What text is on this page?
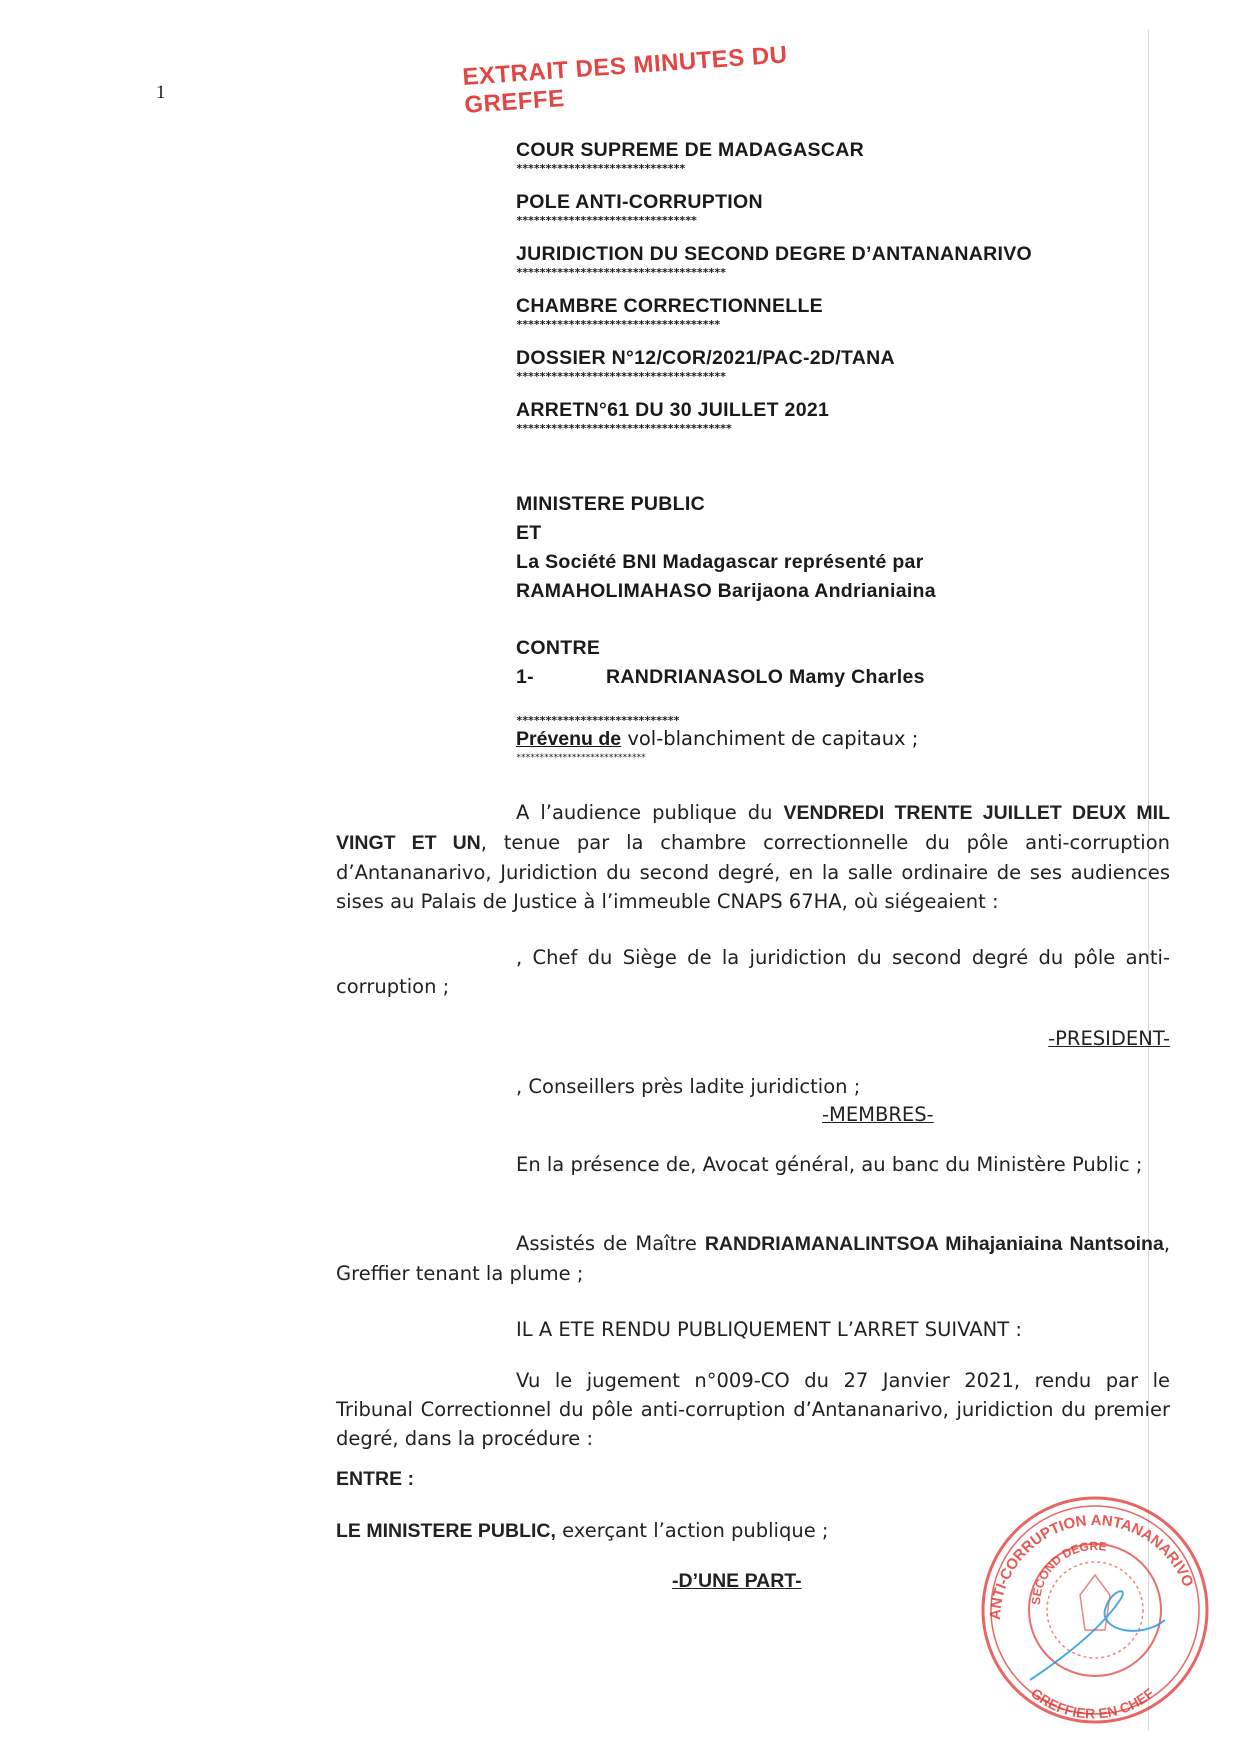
1
EXTRAIT DES MINUTES DU GREFFE
COUR SUPREME DE MADAGASCAR
*****************************
POLE ANTI-CORRUPTION
*******************************
JURIDICTION DU SECOND DEGRE D’ANTANANARIVO
************************************
CHAMBRE CORRECTIONNELLE
***********************************
DOSSIER N°12/COR/2021/PAC-2D/TANA
************************************
ARRETN°61 DU 30 JUILLET 2021
*************************************
MINISTERE PUBLIC
ET
La Société BNI Madagascar représenté par
RAMAHOLIMAHASO Barijaona Andrianiaina
CONTRE
1-	RANDRIANASOLO Mamy Charles
****************************
Prévenu de vol-blanchiment de capitaux ;
****************************
A l’audience publique du VENDREDI TRENTE JUILLET DEUX MIL VINGT ET UN, tenue par la chambre correctionnelle du pôle anti-corruption d’Antananarivo, Juridiction du second degré, en la salle ordinaire de ses audiences sises au Palais de Justice à l’immeuble CNAPS 67HA, où siégeaient :
, Chef du Siège de la juridiction du second degré du pôle anti-corruption ;
-PRESIDENT-
, Conseillers près ladite juridiction ;
-MEMBRES-
En la présence de, Avocat général, au banc du Ministère Public ;
Assistés de Maître RANDRIAMANALINTSOA Mihajaniaina Nantsoina, Greffier tenant la plume ;
IL A ETE RENDU PUBLIQUEMENT L’ARRET SUIVANT :
Vu le jugement n°009-CO du 27 Janvier 2021, rendu par le Tribunal Correctionnel du pôle anti-corruption d’Antananarivo, juridiction du premier degré, dans la procédure :
ENTRE :
LE MINISTERE PUBLIC, exerçant l’action publique ;
-D’UNE PART-
ANTI-CORRUPTION ANTANANARIVO
SECOND DEGRE
GREFFIER EN CHEF
